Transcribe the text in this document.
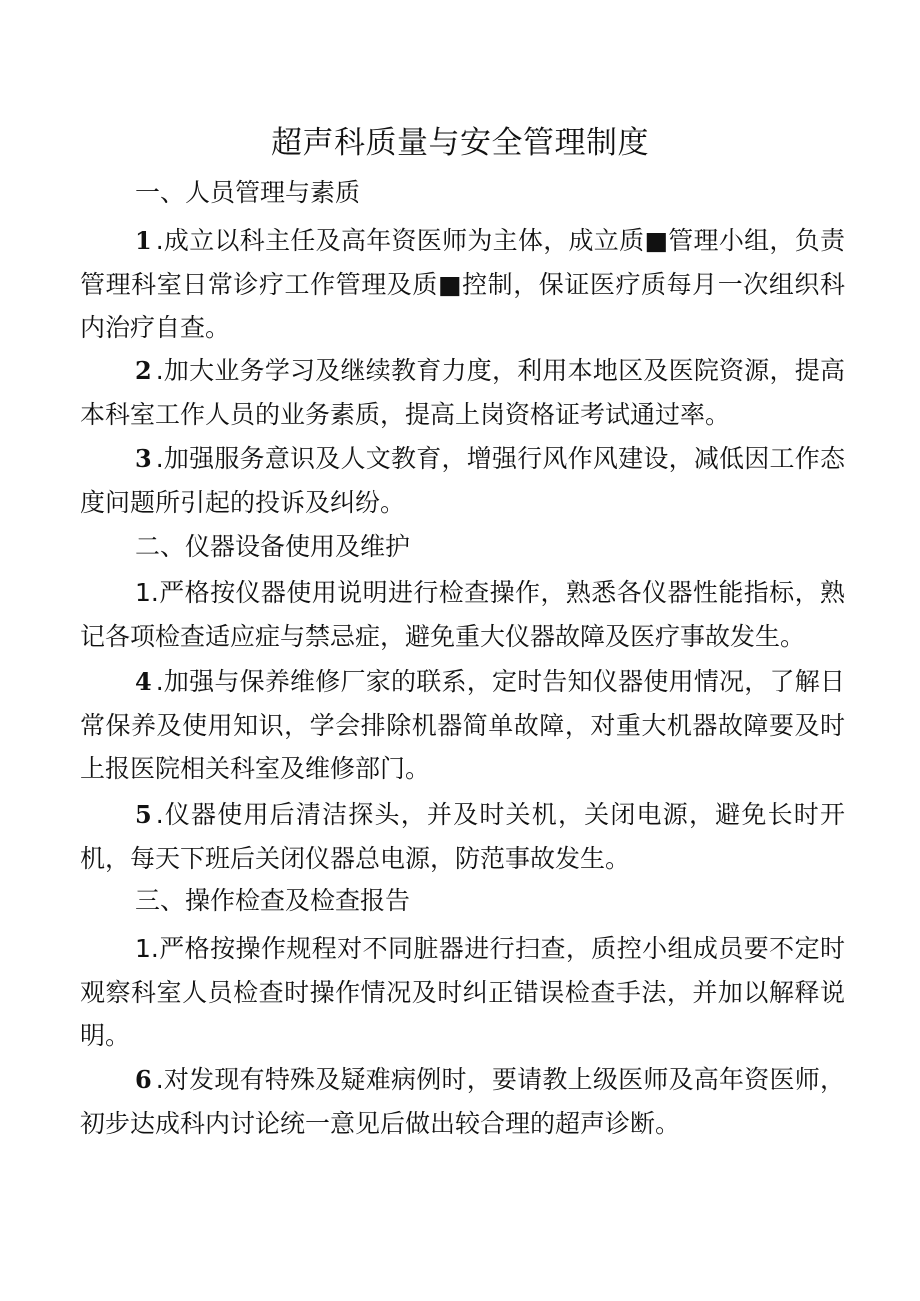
超声科质量与安全管理制度
一、人员管理与素质
1 .成立以科主任及高年资医师为主体，成立质■管理小组，负责管理科室日常诊疗工作管理及质■控制，保证医疗质每月一次组织科内治疗自查。
2 .加大业务学习及继续教育力度，利用本地区及医院资源，提高本科室工作人员的业务素质，提高上岗资格证考试通过率。
3 .加强服务意识及人文教育，增强行风作风建设，减低因工作态度问题所引起的投诉及纠纷。
二、仪器设备使用及维护
1.严格按仪器使用说明进行检查操作，熟悉各仪器性能指标，熟记各项检查适应症与禁忌症，避免重大仪器故障及医疗事故发生。
4 .加强与保养维修厂家的联系，定时告知仪器使用情况，了解日常保养及使用知识，学会排除机器简单故障，对重大机器故障要及时上报医院相关科室及维修部门。
5 .仪器使用后清洁探头，并及时关机，关闭电源，避免长时开机，每天下班后关闭仪器总电源，防范事故发生。
三、操作检查及检查报告
1.严格按操作规程对不同脏器进行扫查，质控小组成员要不定时观察科室人员检查时操作情况及时纠正错误检查手法，并加以解释说明。
6 .对发现有特殊及疑难病例时，要请教上级医师及高年资医师，初步达成科内讨论统一意见后做出较合理的超声诊断。
